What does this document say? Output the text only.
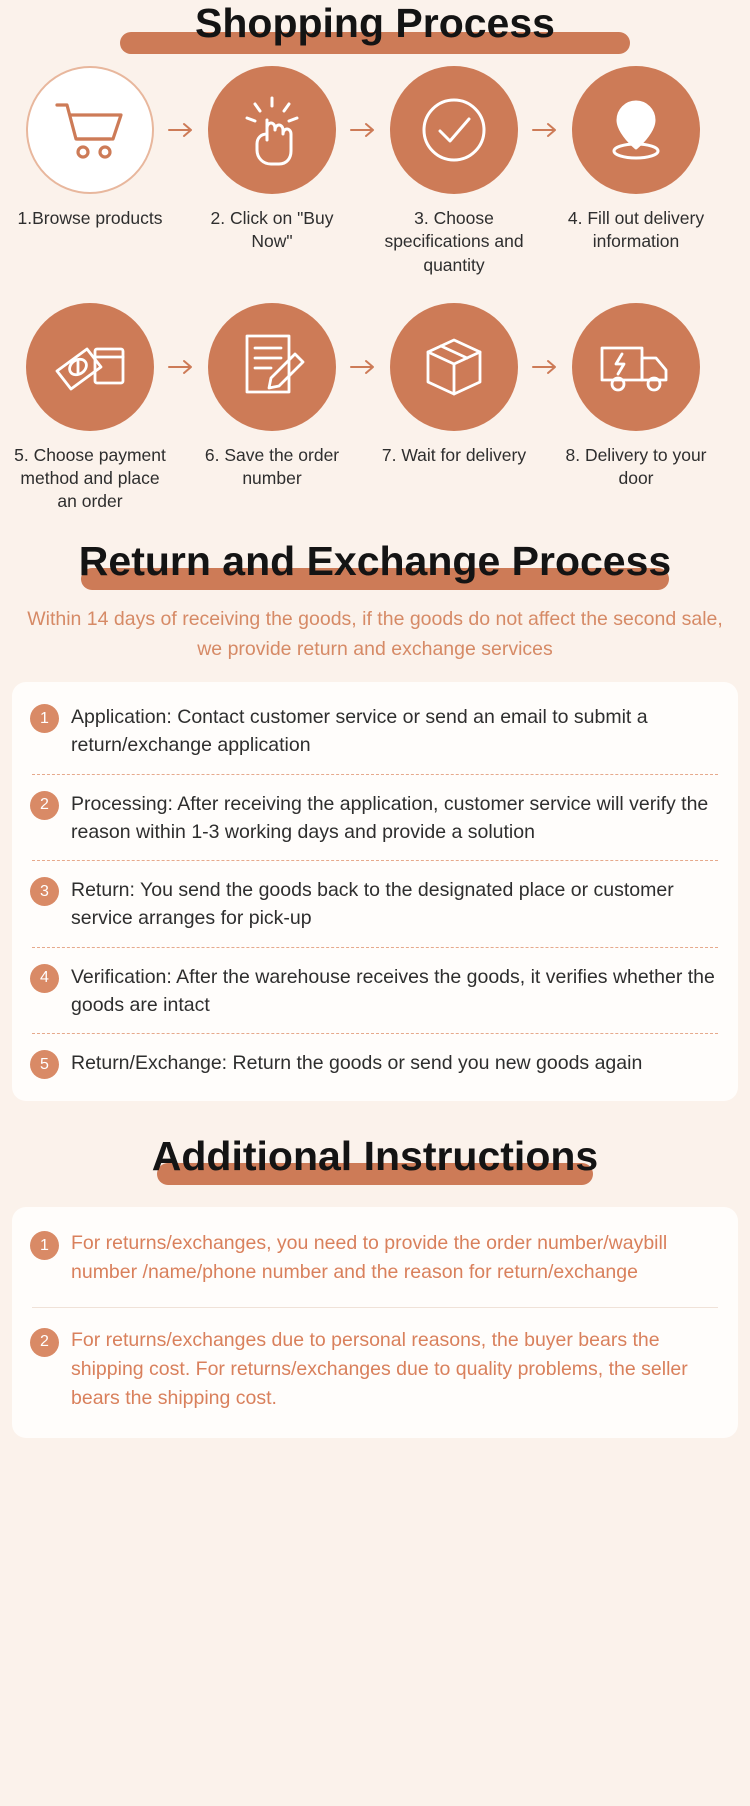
Shopping Process
1.Browse products	2. Click on "Buy Now"
3. Choose specifications and quantity
4. Fill out delivery information
5. Choose payment method and place an order
6. Save the order number
7. Wait for delivery	8. Delivery to your door
Return and Exchange Process
Within 14 days of receiving the goods, if the goods do not affect the second sale, we provide return and exchange services
1	Application: Contact customer service or send an email to submit a return/exchange application
2	Processing: After receiving the application, customer service will verify the reason within 1-3 working days and provide a solution
3	Return: You send the goods back to the designated place or customer service arranges for pick-up
4	Verification: After the warehouse receives the goods, it verifies whether the goods are intact
5	Return/Exchange: Return the goods or send you new goods again
Additional Instructions
1	For returns/exchanges, you need to provide the order number/waybill number /name/phone number and the reason for return/exchange
2	For returns/exchanges due to personal reasons, the buyer bears the shipping cost. For returns/exchanges due to quality problems, the seller bears the shipping cost.
